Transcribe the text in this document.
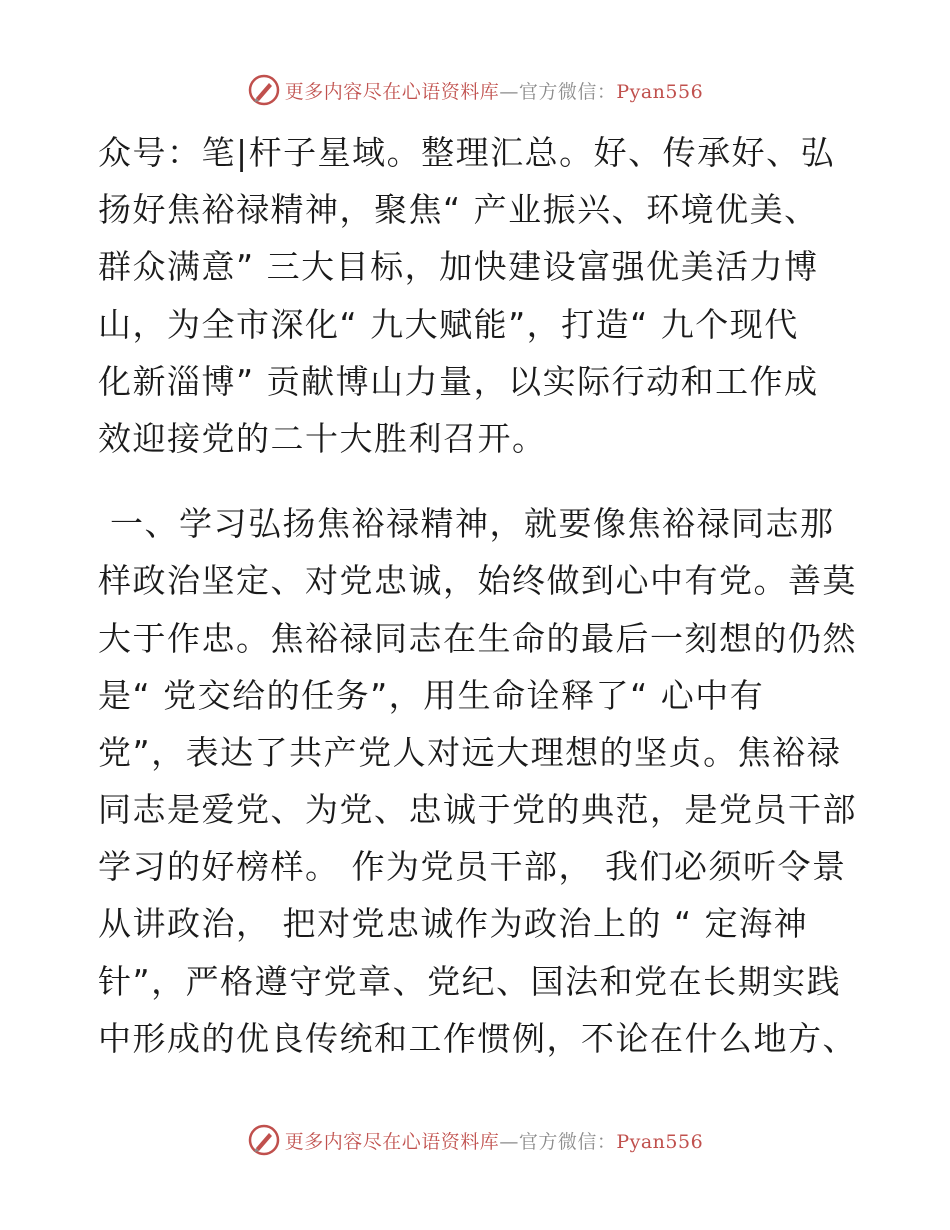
更多内容尽在心语资料库—官方微信：Pyan556
众号：笔|杆子星域。整理汇总。好、传承好、弘
扬好焦裕禄精神，聚焦“ 产业振兴、环境优美、
群众满意” 三大目标，加快建设富强优美活力博
山，为全市深化“ 九大赋能”，打造“ 九个现代
化新淄博” 贡献博山力量，以实际行动和工作成
效迎接党的二十大胜利召开。
一、学习弘扬焦裕禄精神，就要像焦裕禄同志那
样政治坚定、对党忠诚，始终做到心中有党。善莫
大于作忠。焦裕禄同志在生命的最后一刻想的仍然
是“ 党交给的任务”，用生命诠释了“ 心中有
党”，表达了共产党人对远大理想的坚贞。焦裕禄
同志是爱党、为党、忠诚于党的典范，是党员干部
学习的好榜样。 作为党员干部， 我们必须听令景
从讲政治， 把对党忠诚作为政治上的 “ 定海神
针”，严格遵守党章、党纪、国法和党在长期实践
中形成的优良传统和工作惯例，不论在什么地方、
更多内容尽在心语资料库—官方微信：Pyan556
